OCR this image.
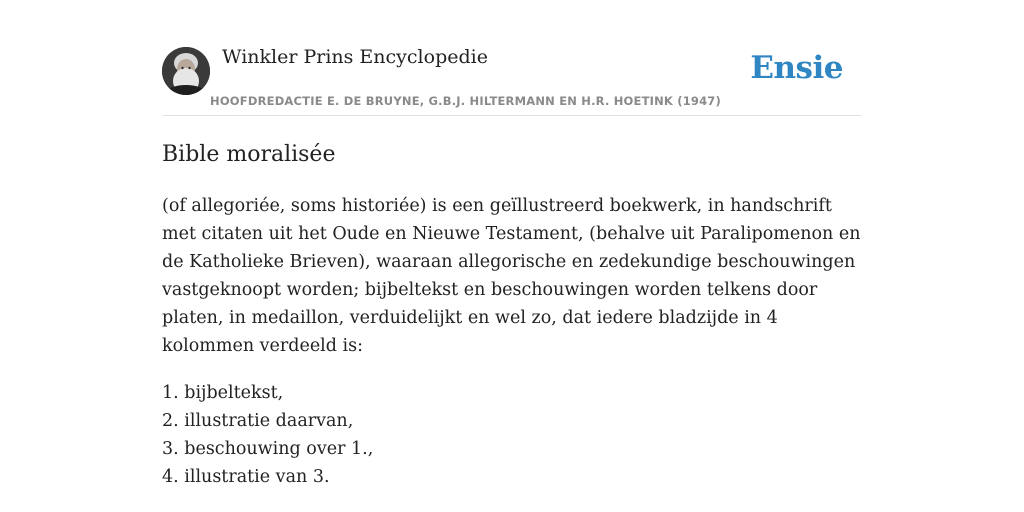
Winkler Prins Encyclopedie
HOOFDREDACTIE E. DE BRUYNE, G.B.J. HILTERMANN EN H.R. HOETINK (1947)
Ensie
Bible moralisée

(of allegoriée, soms historiée) is een geïllustreerd boekwerk, in handschrift met citaten uit het Oude en Nieuwe Testament, (behalve uit Paralipomenon en de Katholieke Brieven), waaraan allegorische en zedekundige beschouwingen vastgeknoopt worden; bijbeltekst en beschouwingen worden telkens door platen, in medaillon, verduidelijkt en wel zo, dat iedere bladzijde in 4 kolommen verdeeld is:

1. bijbeltekst,
2. illustratie daarvan,
3. beschouwing over 1.,
4. illustratie van 3.
